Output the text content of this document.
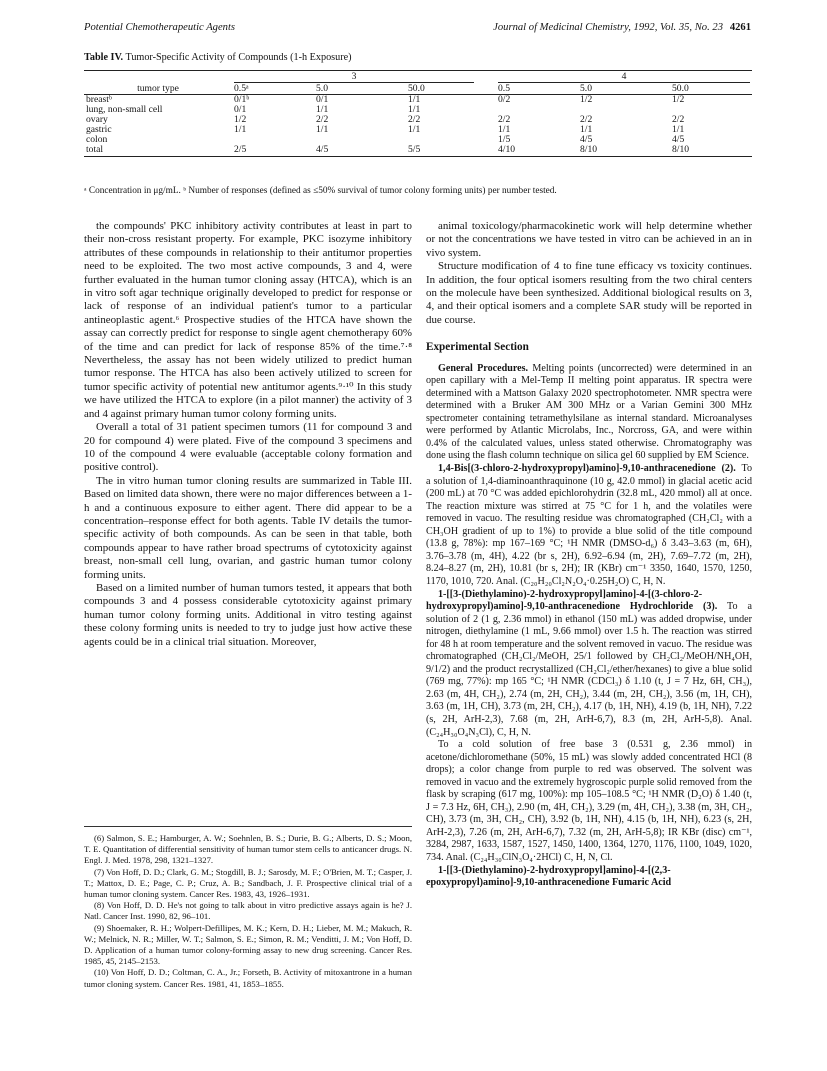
Potential Chemotherapeutic Agents	Journal of Medicinal Chemistry, 1992, Vol. 35, No. 23 4261
Table IV. Tumor-Specific Activity of Compounds (1-h Exposure)

	3				4		

tumor type	0.5ᵃ	5.0	50.0		0.5	5.0	50.0
breastᵇ	0/1ᵇ	0/1	1/1		0/2	1/2	1/2
lung, non-small cell	0/1	1/1	1/1				
ovary	1/2	2/2	2/2		2/2	2/2	2/2
gastric	1/1	1/1	1/1		1/1	1/1	1/1
colon					1/5	4/5	4/5
total	2/5	4/5	5/5		4/10	8/10	8/10
ᵃ Concentration in μg/mL. ᵇ Number of responses (defined as ≤50% survival of tumor colony forming units) per number tested.

the compounds' PKC inhibitory activity contributes at least in part to their non-cross resistant property. For example, PKC isozyme inhibitory attributes of these compounds in relationship to their antitumor properties need to be exploited. The two most active compounds, 3 and 4, were further evaluated in the human tumor cloning assay (HTCA), which is an in vitro soft agar technique originally developed to predict for response or lack of response of an individual patient's tumor to a particular antineoplastic agent.⁶ Prospective studies of the HTCA have shown the assay can correctly predict for response to single agent chemotherapy 60% of the time and can predict for lack of response 85% of the time.⁷·⁸ Nevertheless, the assay has not been widely utilized to predict human tumor response. The HTCA has also been actively utilized to screen for tumor specific activity of potential new antitumor agents.⁹·¹⁰ In this study we have utilized the HTCA to explore (in a pilot manner) the activity of 3 and 4 against primary human tumor colony forming units.

Overall a total of 31 patient specimen tumors (11 for compound 3 and 20 for compound 4) were plated. Five of the compound 3 specimens and 10 of the compound 4 were evaluable (acceptable colony formation and positive control).

The in vitro human tumor cloning results are summarized in Table III. Based on limited data shown, there were no major differences between a 1-h and a continuous exposure to either agent. There did appear to be a concentration–response effect for both agents. Table IV details the tumor-specific activity of both compounds. As can be seen in that table, both compounds appear to have rather broad spectrums of cytotoxicity against breast, non-small cell lung, ovarian, and gastric human tumor colony forming units.

Based on a limited number of human tumors tested, it appears that both compounds 3 and 4 possess considerable cytotoxicity against primary human tumor colony forming units. Additional in vitro testing against these colony forming units is needed to try to judge just how active these agents could be in a clinical trial situation. Moreover,

(6) Salmon, S. E.; Hamburger, A. W.; Soehnlen, B. S.; Durie, B. G.; Alberts, D. S.; Moon, T. E. Quantitation of differential sensitivity of human tumor stem cells to anticancer drugs. N. Engl. J. Med. 1978, 298, 1321–1327.

(7) Von Hoff, D. D.; Clark, G. M.; Stogdill, B. J.; Sarosdy, M. F.; O'Brien, M. T.; Casper, J. T.; Mattox, D. E.; Page, C. P.; Cruz, A. B.; Sandbach, J. F. Prospective clinical trial of a human tumor cloning system. Cancer Res. 1983, 43, 1926–1931.

(8) Von Hoff, D. D. He's not going to talk about in vitro predictive assays again is he? J. Natl. Cancer Inst. 1990, 82, 96–101.

(9) Shoemaker, R. H.; Wolpert-Defillipes, M. K.; Kern, D. H.; Lieber, M. M.; Makuch, R. W.; Melnick, N. R.; Miller, W. T.; Salmon, S. E.; Simon, R. M.; Venditti, J. M.; Von Hoff, D. D. Application of a human tumor colony-forming assay to new drug screening. Cancer Res. 1985, 45, 2145–2153.

(10) Von Hoff, D. D.; Coltman, C. A., Jr.; Forseth, B. Activity of mitoxantrone in a human tumor cloning system. Cancer Res. 1981, 41, 1853–1855.

animal toxicology/pharmacokinetic work will help determine whether or not the concentrations we have tested in vitro can be achieved in an in vivo system.

Structure modification of 4 to fine tune efficacy vs toxicity continues. In addition, the four optical isomers resulting from the two chiral centers on the molecule have been synthesized. Additional biological results on 3, 4, and their optical isomers and a complete SAR study will be reported in due course.

Experimental Section

General Procedures. Melting points (uncorrected) were determined in an open capillary with a Mel-Temp II melting point apparatus. IR spectra were determined with a Mattson Galaxy 2020 spectrophotometer. NMR spectra were determined with a Bruker AM 300 MHz or a Varian Gemini 300 MHz spectrometer containing tetramethylsilane as internal standard. Microanalyses were performed by Atlantic Microlabs, Inc., Norcross, GA, and were within 0.4% of the calculated values, unless stated otherwise. Chromatography was done using the flash column technique on silica gel 60 supplied by EM Science.

1,4-Bis[(3-chloro-2-hydroxypropyl)amino]-9,10-anthracenedione (2). To a solution of 1,4-diaminoanthraquinone (10 g, 42.0 mmol) in glacial acetic acid (200 mL) at 70 °C was added epichlorohydrin (32.8 mL, 420 mmol) all at once. The reaction mixture was stirred at 75 °C for 1 h, and the volatiles were removed in vacuo. The resulting residue was chromatographed (CH₂Cl₂ with a CH₃OH gradient of up to 1%) to provide a blue solid of the title compound (13.8 g, 78%): mp 167–169 °C; ¹H NMR (DMSO-d₆) δ 3.43–3.63 (m, 6H), 3.76–3.78 (m, 4H), 4.22 (br s, 2H), 6.92–6.94 (m, 2H), 7.69–7.72 (m, 2H), 8.24–8.27 (m, 2H), 10.81 (br s, 2H); IR (KBr) cm⁻¹ 3350, 1640, 1570, 1250, 1170, 1010, 720. Anal. (C₂₀H₂₀Cl₂N₂O₄·0.25H₂O) C, H, N.

1-[[3-(Diethylamino)-2-hydroxypropyl]amino]-4-[(3-chloro-2-hydroxypropyl)amino]-9,10-anthracenedione Hydrochloride (3). To a solution of 2 (1 g, 2.36 mmol) in ethanol (150 mL) was added dropwise, under nitrogen, diethylamine (1 mL, 9.66 mmol) over 1.5 h. The reaction was stirred for 48 h at room temperature and the solvent removed in vacuo. The residue was chromatographed (CH₂Cl₂/MeOH, 25/1 followed by CH₂Cl₂/MeOH/NH₄OH, 9/1/2) and the product recrystallized (CH₂Cl₂/ether/hexanes) to give a blue solid (769 mg, 77%): mp 165 °C; ¹H NMR (CDCl₃) δ 1.10 (t, J = 7 Hz, 6H, CH₃), 2.63 (m, 4H, CH₂), 2.74 (m, 2H, CH₂), 3.44 (m, 2H, CH₂), 3.56 (m, 1H, CH), 3.63 (m, 1H, CH), 3.73 (m, 2H, CH₂), 4.17 (b, 1H, NH), 4.19 (b, 1H, NH), 7.22 (s, 2H, ArH-2,3), 7.68 (m, 2H, ArH-6,7), 8.3 (m, 2H, ArH-5,8). Anal. (C₂₄H₃₀O₄N₃Cl), C, H, N.

To a cold solution of free base 3 (0.531 g, 2.36 mmol) in acetone/dichloromethane (50%, 15 mL) was slowly added concentrated HCl (8 drops); a color change from purple to red was observed. The solvent was removed in vacuo and the extremely hygroscopic purple solid removed from the flask by scraping (617 mg, 100%): mp 105–108.5 °C; ¹H NMR (D₂O) δ 1.40 (t, J = 7.3 Hz, 6H, CH₃), 2.90 (m, 4H, CH₂), 3.29 (m, 4H, CH₂), 3.38 (m, 3H, CH₂, CH), 3.73 (m, 3H, CH₂, CH), 3.92 (b, 1H, NH), 4.15 (b, 1H, NH), 6.23 (s, 2H, ArH-2,3), 7.26 (m, 2H, ArH-6,7), 7.32 (m, 2H, ArH-5,8); IR KBr (disc) cm⁻¹, 3284, 2987, 1633, 1587, 1527, 1450, 1400, 1364, 1270, 1176, 1100, 1049, 1020, 734. Anal. (C₂₄H₃₀ClN₃O₄·2HCl) C, H, N, Cl.

1-[[3-(Diethylamino)-2-hydroxypropyl]amino]-4-[(2,3-epoxypropyl)amino]-9,10-anthracenedione Fumaric Acid
